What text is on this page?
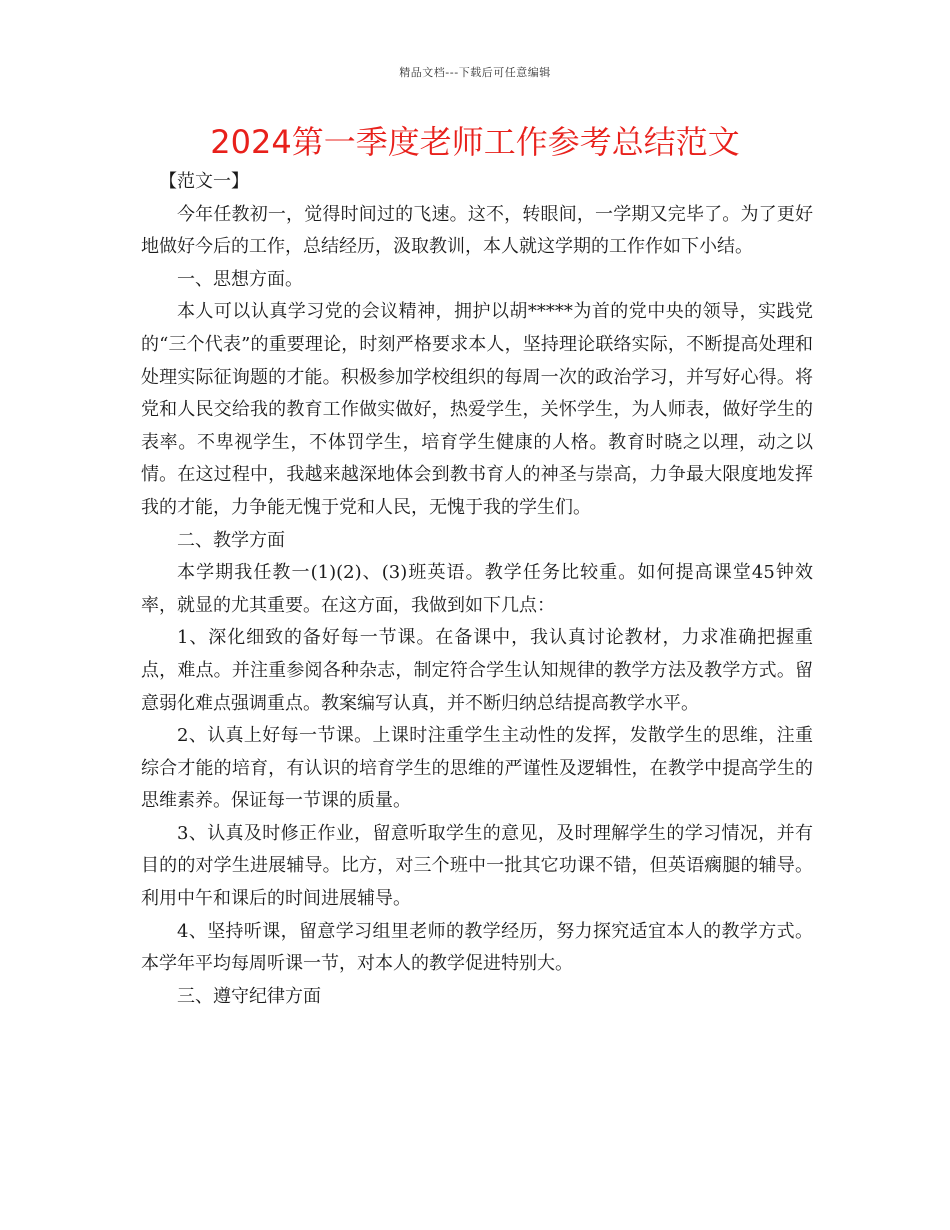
精品文档---下载后可任意编辑
2024第一季度老师工作参考总结范文

【范文一】

今年任教初一，觉得时间过的飞速。这不，转眼间，一学期又完毕了。为了更好地做好今后的工作，总结经历，汲取教训，本人就这学期的工作作如下小结。

一、思想方面。

本人可以认真学习党的会议精神，拥护以胡*****为首的党中央的领导，实践党的“三个代表”的重要理论，时刻严格要求本人，坚持理论联络实际，不断提高处理和处理实际征询题的才能。积极参加学校组织的每周一次的政治学习，并写好心得。将党和人民交给我的教育工作做实做好，热爱学生，关怀学生，为人师表，做好学生的表率。不卑视学生，不体罚学生，培育学生健康的人格。教育时晓之以理，动之以情。在这过程中，我越来越深地体会到教书育人的神圣与崇高，力争最大限度地发挥我的才能，力争能无愧于党和人民，无愧于我的学生们。

二、教学方面

本学期我任教一(1)(2)、(3)班英语。教学任务比较重。如何提高课堂45钟效率，就显的尤其重要。在这方面，我做到如下几点：

1、深化细致的备好每一节课。在备课中，我认真讨论教材，力求准确把握重点，难点。并注重参阅各种杂志，制定符合学生认知规律的教学方法及教学方式。留意弱化难点强调重点。教案编写认真，并不断归纳总结提高教学水平。

2、认真上好每一节课。上课时注重学生主动性的发挥，发散学生的思维，注重综合才能的培育，有认识的培育学生的思维的严谨性及逻辑性，在教学中提高学生的思维素养。保证每一节课的质量。

3、认真及时修正作业，留意听取学生的意见，及时理解学生的学习情况，并有目的的对学生进展辅导。比方，对三个班中一批其它功课不错，但英语瘸腿的辅导。利用中午和课后的时间进展辅导。

4、坚持听课，留意学习组里老师的教学经历，努力探究适宜本人的教学方式。本学年平均每周听课一节，对本人的教学促进特别大。

三、遵守纪律方面
